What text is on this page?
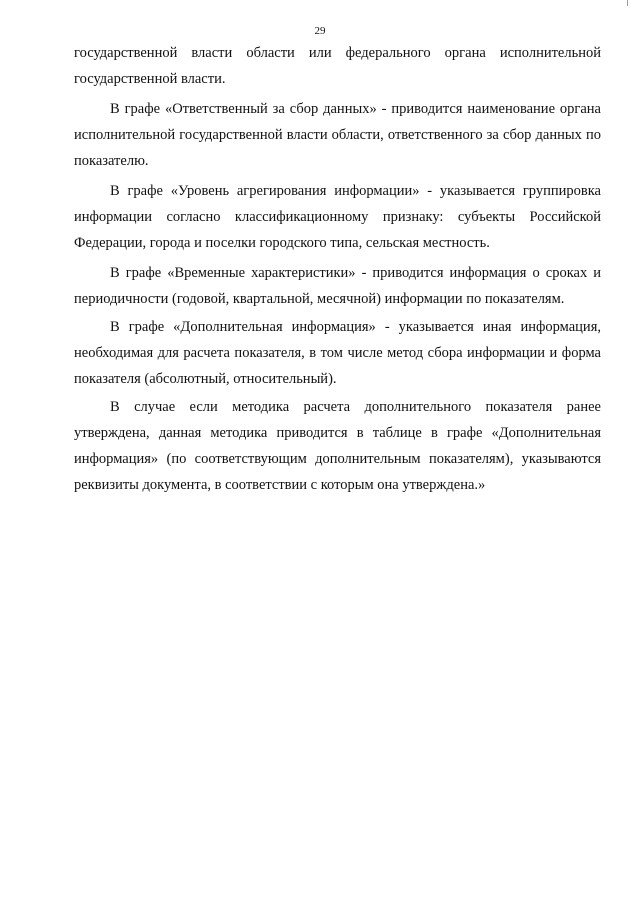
29

государственной власти области или федерального органа исполнительной государственной власти.

В графе «Ответственный за сбор данных» - приводится наименование органа исполнительной государственной власти области, ответственного за сбор данных по показателю.

В графе «Уровень агрегирования информации» - указывается группировка информации согласно классификационному признаку: субъекты Российской Федерации, города и поселки городского типа, сельская местность.

В графе «Временные характеристики» - приводится информация о сроках и периодичности (годовой, квартальной, месячной) информации по показателям.

В графе «Дополнительная информация» - указывается иная информация, необходимая для расчета показателя, в том числе метод сбора информации и форма показателя (абсолютный, относительный).

В случае если методика расчета дополнительного показателя ранее утверждена, данная методика приводится в таблице в графе «Дополнительная информация» (по соответствующим дополнительным показателям), указываются реквизиты документа, в соответствии с которым она утверждена.»
